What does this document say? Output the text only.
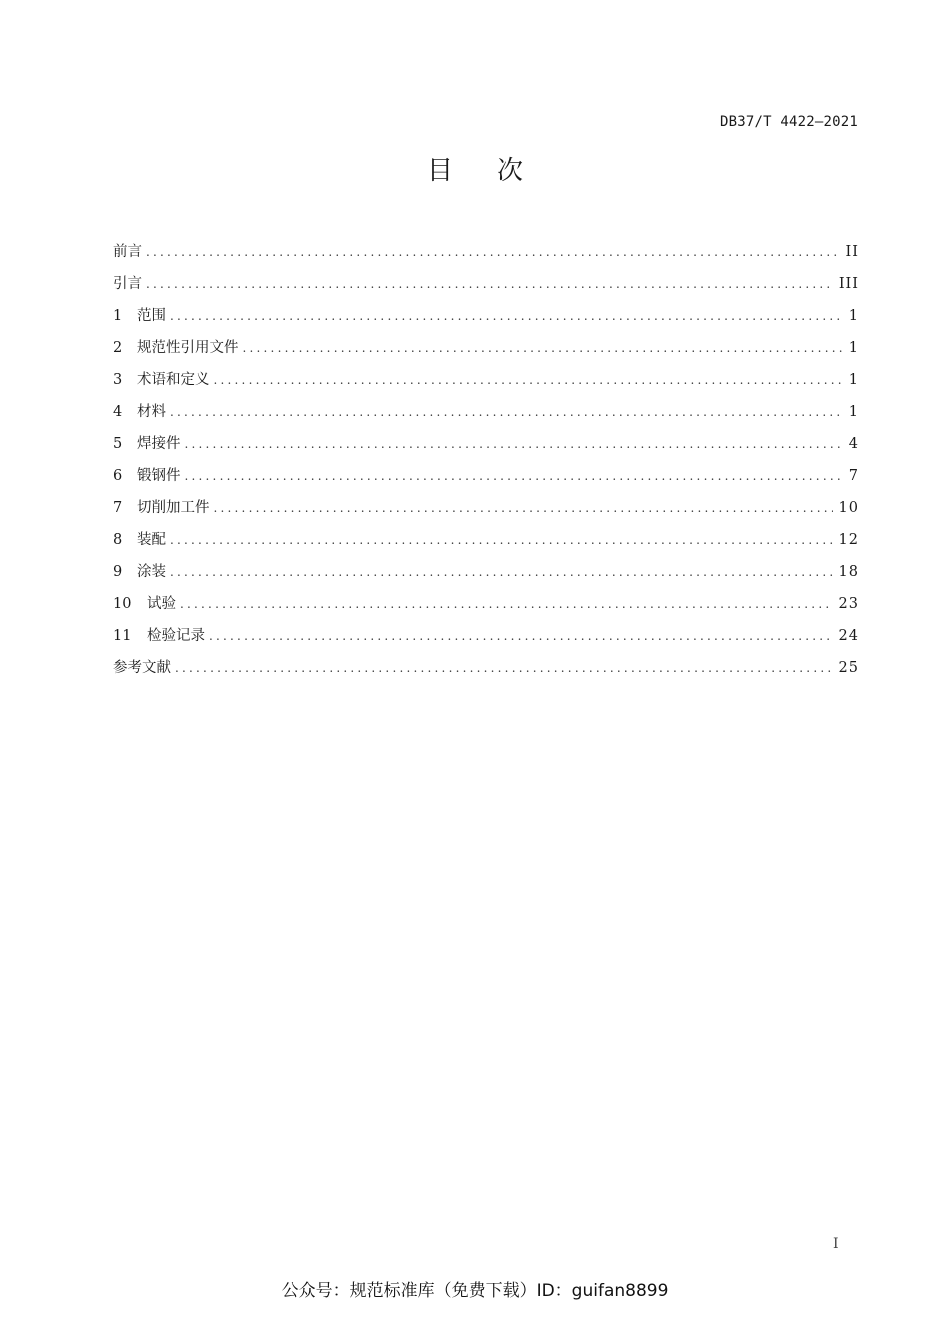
DB37/T 4422—2021
目次
前言 .....	II
引言 .....	III
1	范围 .....	1
2	规范性引用文件 .....	1
3	术语和定义 .....	1
4	材料 .....	1
5	焊接件 .....	4
6	锻钢件 .....	7
7	切削加工件 .....	10
8	装配 .....	12
9	涂装 .....	18
10	试验 .....	23
11	检验记录 .....	24
参考文献 .....	25
I
公众号：规范标准库（免费下载）ID：guifan8899
